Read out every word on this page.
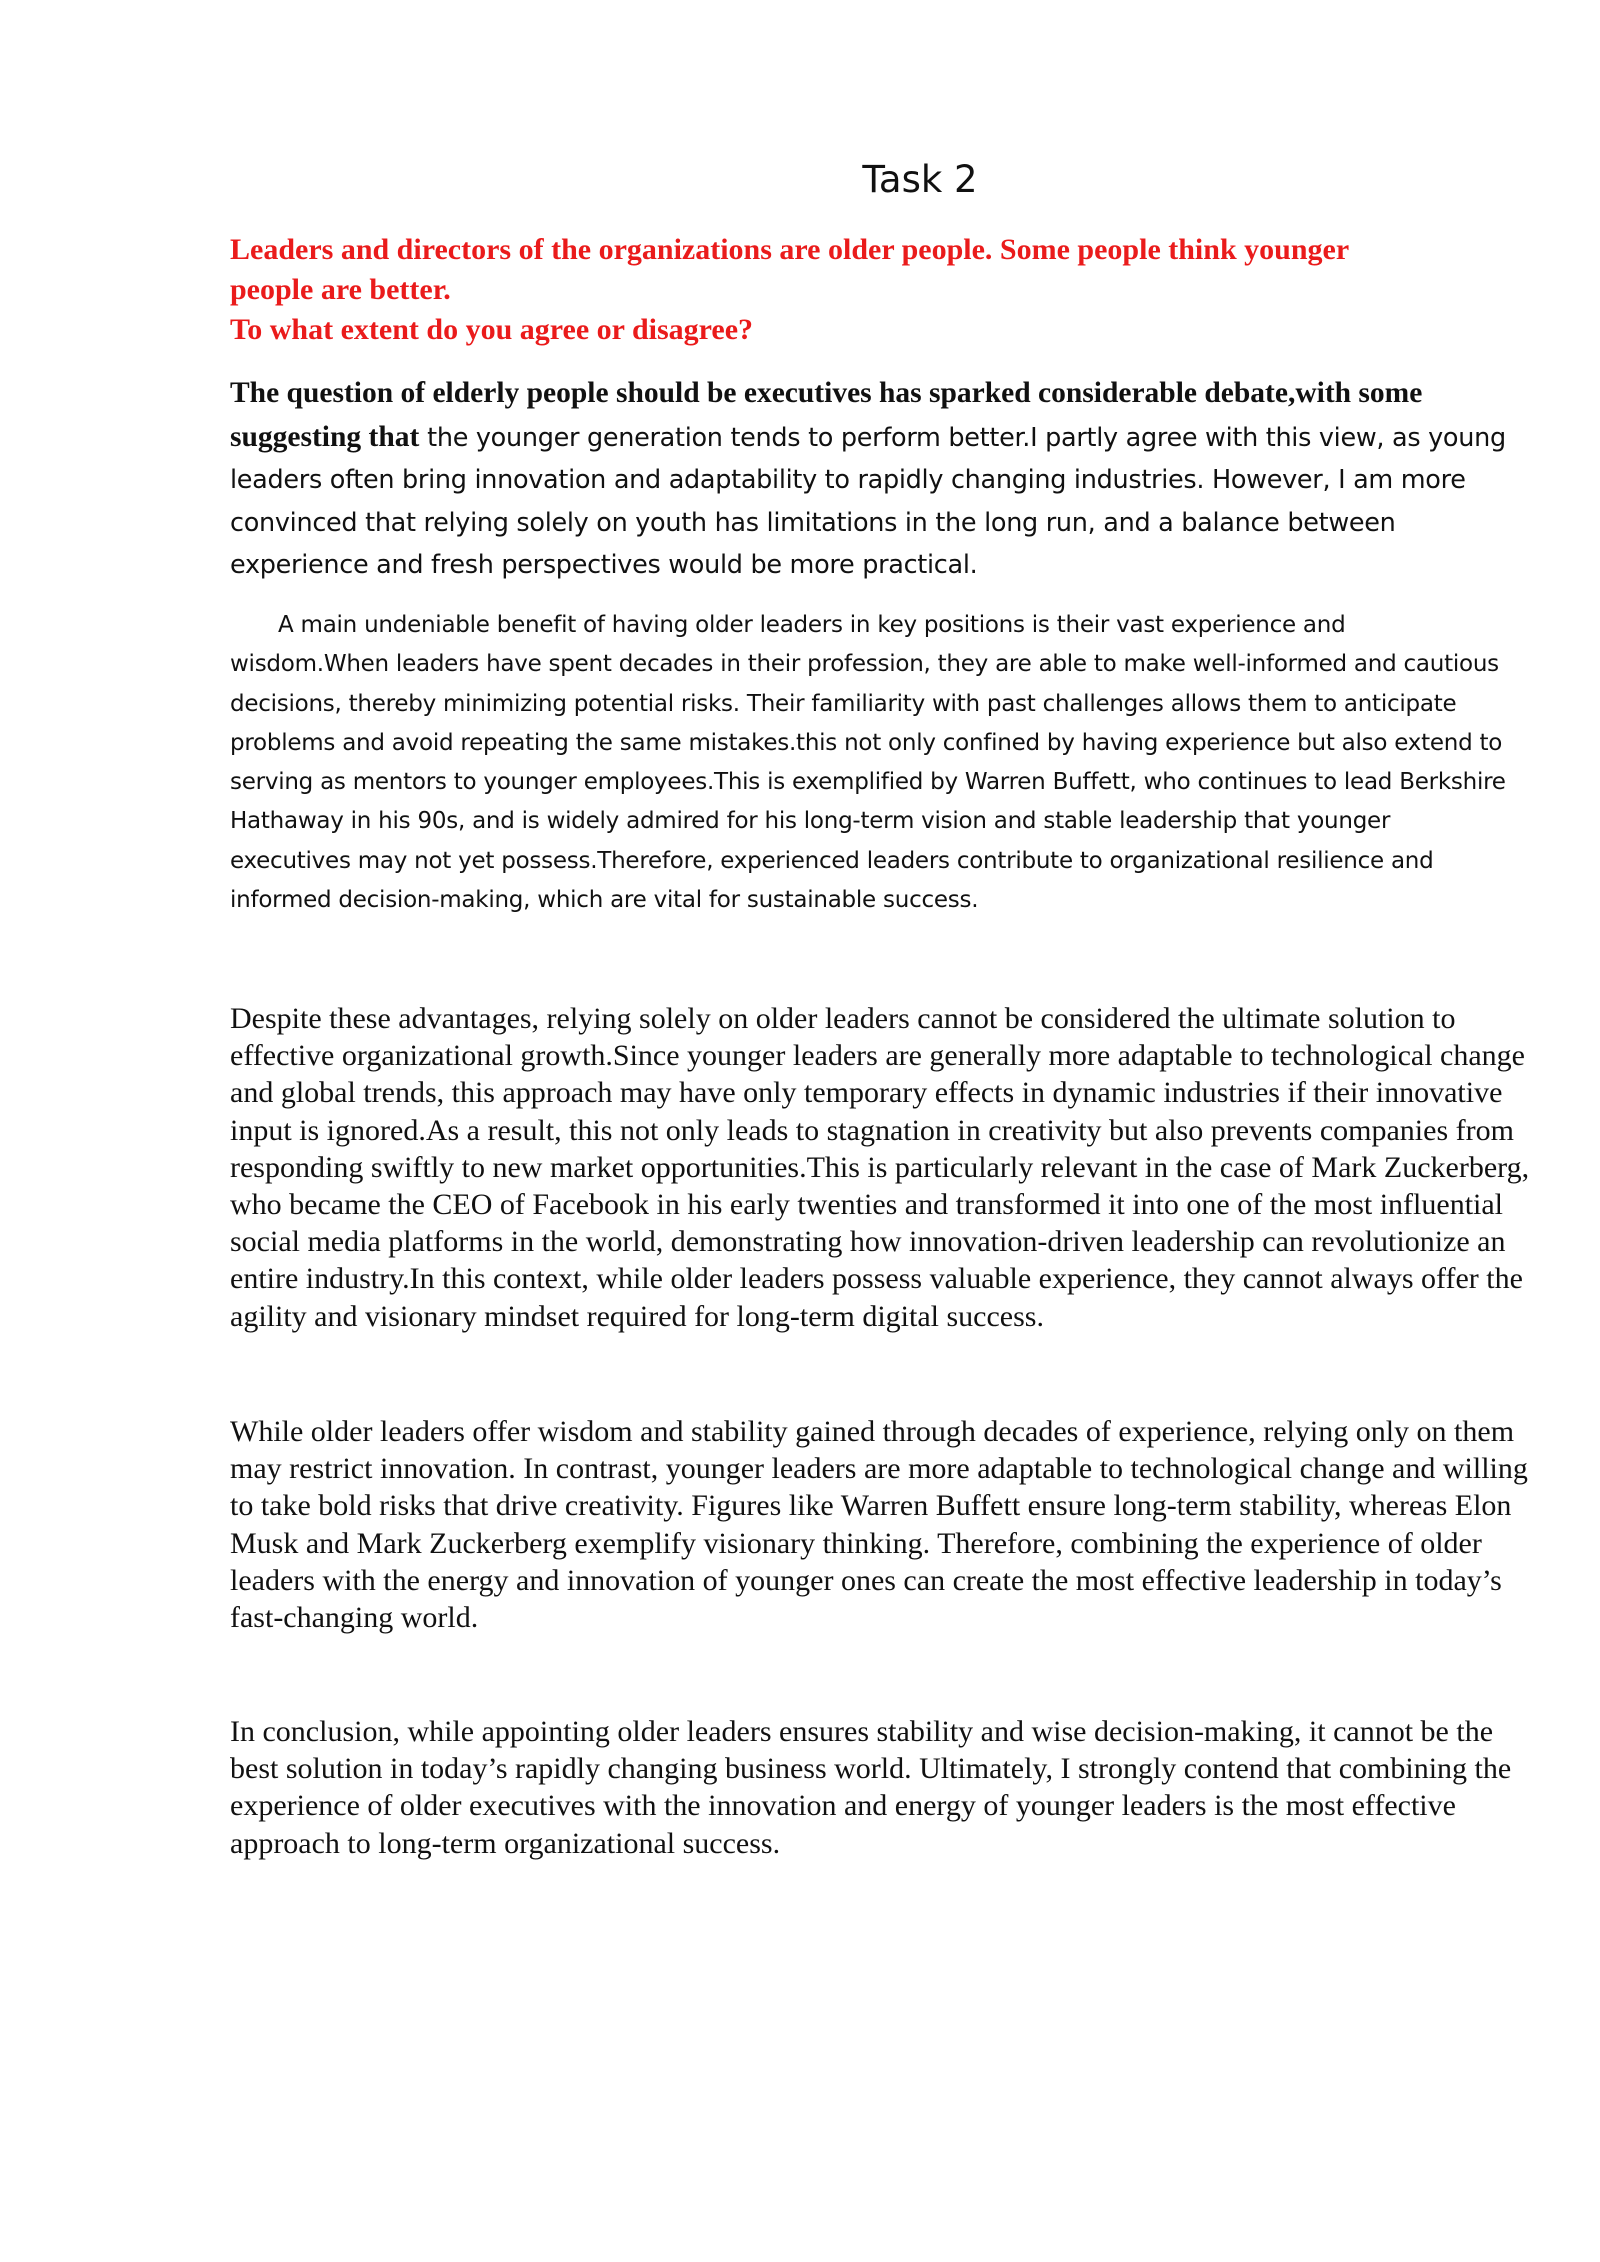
Task 2
Leaders and directors of the organizations are older people. Some people think younger
people are better.
To what extent do you agree or disagree?

The question of elderly people should be executives has sparked considerable debate,with some suggesting that the younger generation tends to perform better.I partly agree with this view, as young leaders often bring innovation and adaptability to rapidly changing industries. However, I am more convinced that relying solely on youth has limitations in the long run, and a balance between experience and fresh perspectives would be more practical.

A main undeniable benefit of having older leaders in key positions is their vast experience and wisdom.When leaders have spent decades in their profession, they are able to make well-informed and cautious decisions, thereby minimizing potential risks. Their familiarity with past challenges allows them to anticipate problems and avoid repeating the same mistakes.this not only confined by having experience but also extend to serving as mentors to younger employees.This is exemplified by Warren Buffett, who continues to lead Berkshire Hathaway in his 90s, and is widely admired for his long-term vision and stable leadership that younger executives may not yet possess.Therefore, experienced leaders contribute to organizational resilience and informed decision-making, which are vital for sustainable success.

Despite these advantages, relying solely on older leaders cannot be considered the ultimate solution to effective organizational growth.Since younger leaders are generally more adaptable to technological change and global trends, this approach may have only temporary effects in dynamic industries if their innovative input is ignored.As a result, this not only leads to stagnation in creativity but also prevents companies from responding swiftly to new market opportunities.This is particularly relevant in the case of Mark Zuckerberg, who became the CEO of Facebook in his early twenties and transformed it into one of the most influential social media platforms in the world, demonstrating how innovation-driven leadership can revolutionize an entire industry.In this context, while older leaders possess valuable experience, they cannot always offer the agility and visionary mindset required for long-term digital success.

While older leaders offer wisdom and stability gained through decades of experience, relying only on them may restrict innovation. In contrast, younger leaders are more adaptable to technological change and willing to take bold risks that drive creativity. Figures like Warren Buffett ensure long-term stability, whereas Elon Musk and Mark Zuckerberg exemplify visionary thinking. Therefore, combining the experience of older leaders with the energy and innovation of younger ones can create the most effective leadership in today’s fast-changing world.

In conclusion, while appointing older leaders ensures stability and wise decision-making, it cannot be the best solution in today’s rapidly changing business world. Ultimately, I strongly contend that combining the experience of older executives with the innovation and energy of younger leaders is the most effective approach to long-term organizational success.
